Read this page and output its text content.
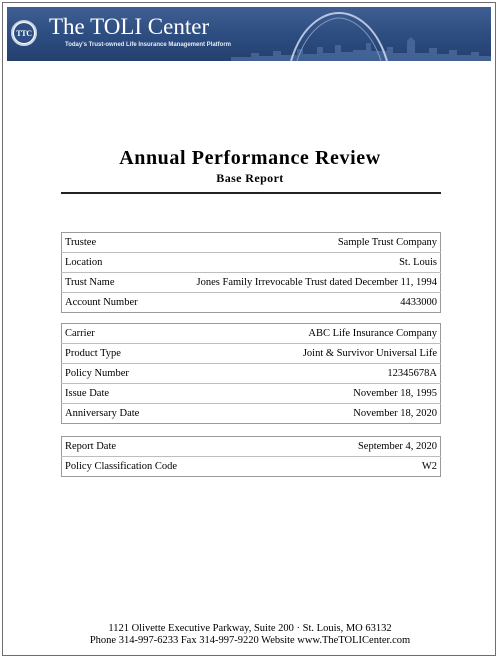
TTC The TOLI Center
Today's Trust-owned Life Insurance Management Platform
Annual Performance Review
Base Report
Trustee	Sample Trust Company
Location	St. Louis
Trust Name	Jones Family Irrevocable Trust dated December 11, 1994
Account Number	4433000
Carrier	ABC Life Insurance Company
Product Type	Joint & Survivor Universal Life
Policy Number	12345678A
Issue Date	November 18, 1995
Anniversary Date	November 18, 2020
Report Date	September 4, 2020
Policy Classification Code	W2
1121 Olivette Executive Parkway, Suite 200 · St. Louis, MO 63132
Phone 314-997-6233 Fax 314-997-9220 Website www.TheTOLICenter.com
